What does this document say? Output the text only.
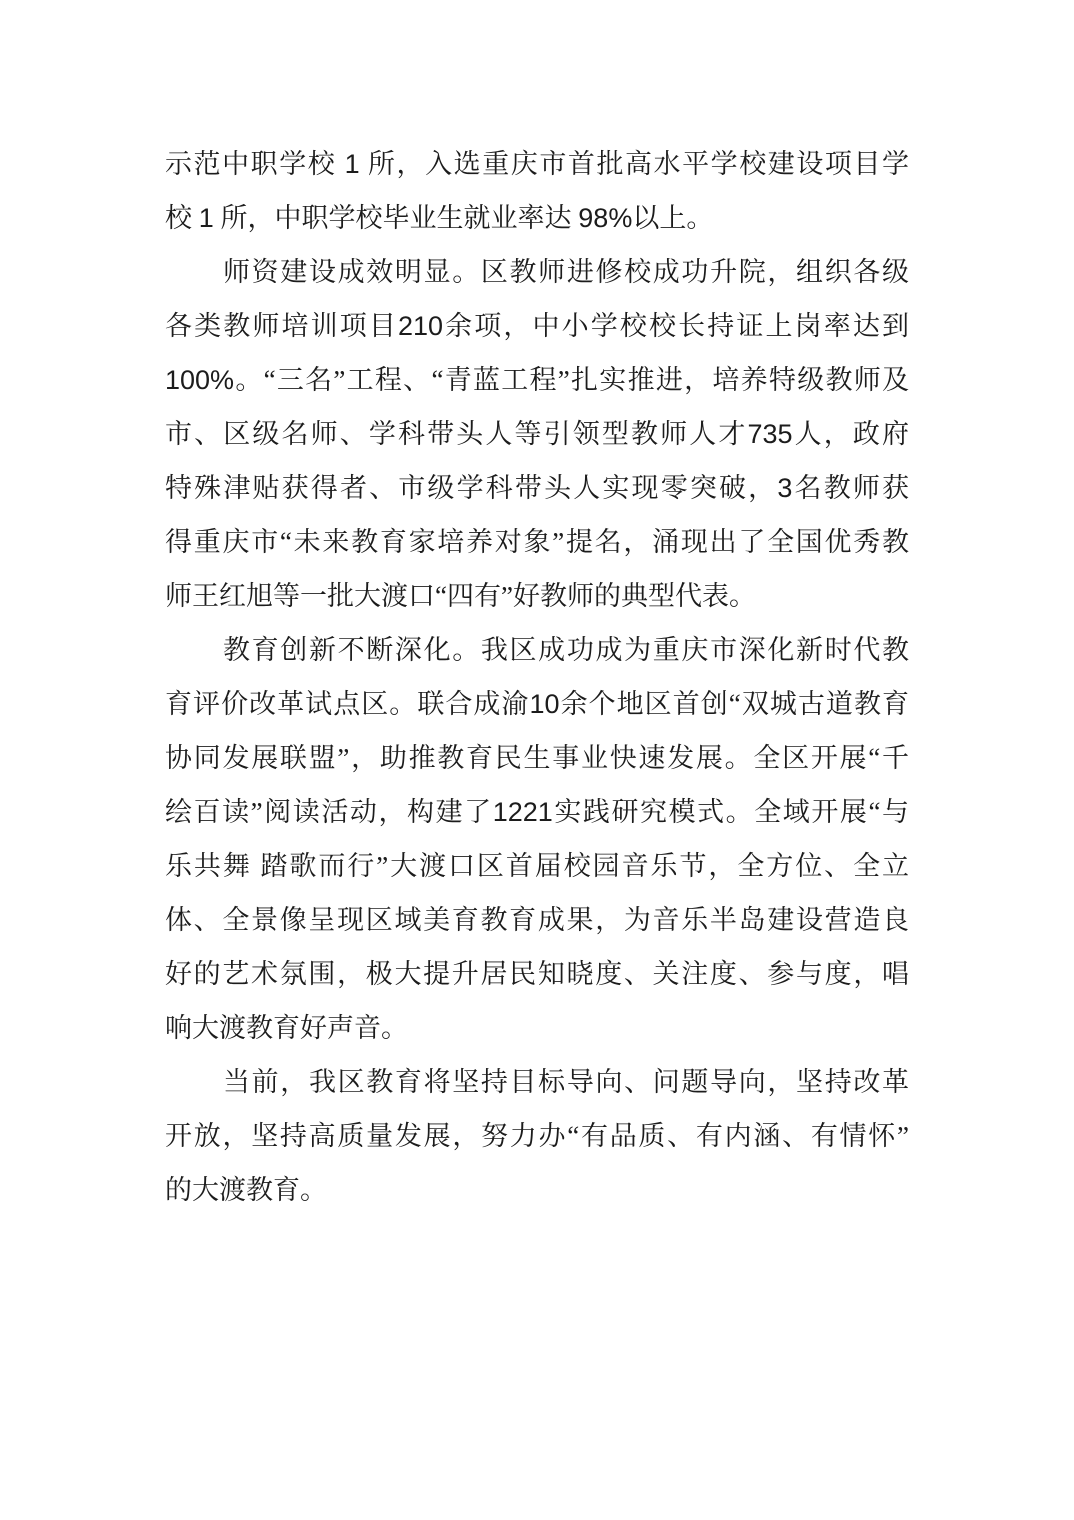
示范中职学校 1 所，入选重庆市首批高水平学校建设项目学
校 1 所，中职学校毕业生就业率达 98%以上。
师资建设成效明显。区教师进修校成功升院，组织各级
各类教师培训项目210余项，中小学校校长持证上岗率达到
100%。“三名”工程、“青蓝工程”扎实推进，培养特级教师及
市、区级名师、学科带头人等引领型教师人才735人，政府
特殊津贴获得者、市级学科带头人实现零突破，3名教师获
得重庆市“未来教育家培养对象”提名，涌现出了全国优秀教
师王红旭等一批大渡口“四有”好教师的典型代表。
教育创新不断深化。我区成功成为重庆市深化新时代教
育评价改革试点区。联合成渝10余个地区首创“双城古道教育
协同发展联盟”，助推教育民生事业快速发展。全区开展“千
绘百读”阅读活动，构建了1221实践研究模式。全域开展“与
乐共舞 踏歌而行”大渡口区首届校园音乐节，全方位、全立
体、全景像呈现区域美育教育成果，为音乐半岛建设营造良
好的艺术氛围，极大提升居民知晓度、关注度、参与度，唱
响大渡教育好声音。
当前，我区教育将坚持目标导向、问题导向，坚持改革
开放，坚持高质量发展，努力办“有品质、有内涵、有情怀”
的大渡教育。
